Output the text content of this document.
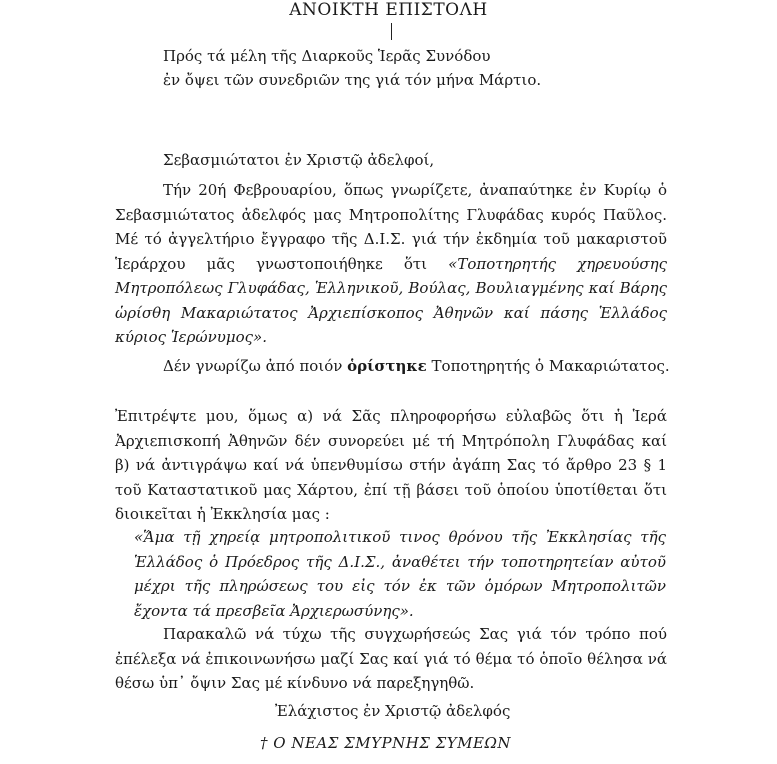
ΑΝΟΙΚΤΗ ΕΠΙΣΤΟΛΗ
Πρός τά μέλη τῆς Διαρκοῦς Ἱερᾶς Συνόδου
ἐν ὄψει τῶν συνεδριῶν της γιά τόν μήνα Μάρτιο.
Σεβασμιώτατοι ἐν Χριστῷ ἀδελφοί,
Τήν 20ή Φεβρουαρίου, ὅπως γνωρίζετε, ἀναπαύτηκε ἐν Κυρίῳ ὁ Σεβασμιώτατος ἀδελφός μας Μητροπολίτης Γλυφάδας κυρός Παῦλος. Μέ τό ἀγγελτήριο ἔγγραφο τῆς Δ.Ι.Σ. γιά τήν ἐκδημία τοῦ μακαριστοῦ Ἱεράρχου μᾶς γνωστοποιήθηκε ὅτι «Τοποτηρητής χηρευούσης Μητροπόλεως Γλυφάδας, Ἑλληνικοῦ, Βούλας, Βουλιαγμένης καί Βάρης ὡρίσθη Μακαριώτατος Ἀρχιεπίσκοπος Ἀθηνῶν καί πάσης Ἑλλάδος κύριος Ἱερώνυμος».
Δέν γνωρίζω ἀπό ποιόν ὁρίστηκε Τοποτηρητής ὁ Μακαριώτατος.
Ἐπιτρέψτε μου, ὅμως α) νά Σᾶς πληροφορήσω εὐλαβῶς ὅτι ἡ Ἱερά Ἀρχιεπισκοπή Ἀθηνῶν δέν συνορεύει μέ τή Μητρόπολη Γλυφάδας καί
β) νά ἀντιγράψω καί νά ὑπενθυμίσω στήν ἀγάπη Σας τό ἄρθρο 23 § 1 τοῦ Καταστατικοῦ μας Χάρτου, ἐπί τῇ βάσει τοῦ ὁποίου ὑποτίθεται ὅτι διοικεῖται ἡ Ἐκκλησία μας :
«Ἅμα τῇ χηρείᾳ μητροπολιτικοῦ τινος θρόνου τῆς Ἐκκλησίας τῆς Ἑλλάδος ὁ Πρόεδρος τῆς Δ.Ι.Σ., ἀναθέτει τήν τοποτηρητείαν αὐτοῦ μέχρι τῆς πληρώσεως του εἰς τόν ἐκ τῶν ὁμόρων Μητροπολιτῶν ἔχοντα τά πρεσβεῖα Ἀρχιερωσύνης».
Παρακαλῶ νά τύχω τῆς συγχωρήσεώς Σας γιά τόν τρόπο πού ἐπέλεξα νά ἐπικοινωνήσω μαζί Σας καί γιά τό θέμα τό ὁποῖο θέλησα νά θέσω ὑπ᾽ ὄψιν Σας μέ κίνδυνο νά παρεξηγηθῶ.
Ἐλάχιστος ἐν Χριστῷ ἀδελφός
† Ο ΝΕΑΣ ΣΜΥΡΝΗΣ ΣΥΜΕΩΝ
